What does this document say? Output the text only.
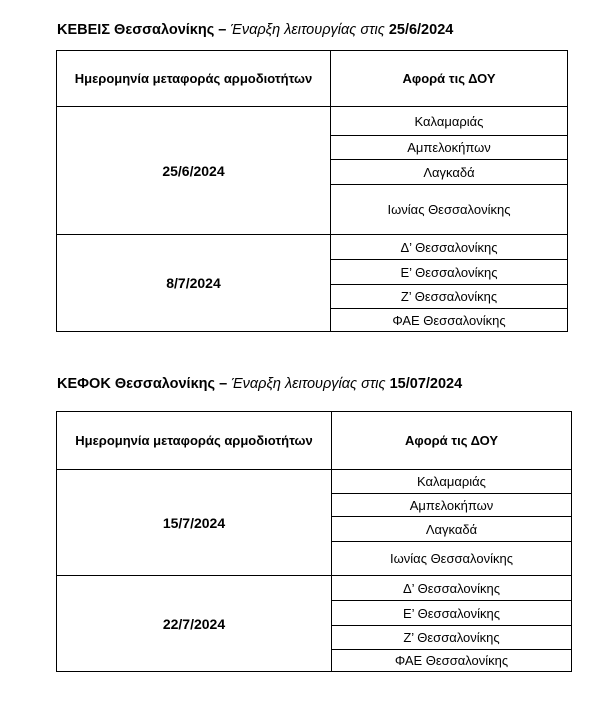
ΚΕΒΕΙΣ Θεσσαλονίκης – Έναρξη λειτουργίας στις 25/6/2024
Ημερομηνία μεταφοράς αρμοδιοτήτων	Αφορά τις ΔΟΥ
25/6/2024	Καλαμαριάς
	Αμπελοκήπων
	Λαγκαδά
	Ιωνίας Θεσσαλονίκης
8/7/2024	Δ’ Θεσσαλονίκης
	Ε’ Θεσσαλονίκης
	Ζ’ Θεσσαλονίκης
	ΦΑΕ Θεσσαλονίκης
ΚΕΦΟΚ Θεσσαλονίκης – Έναρξη λειτουργίας στις 15/07/2024
Ημερομηνία μεταφοράς αρμοδιοτήτων	Αφορά τις ΔΟΥ
15/7/2024	Καλαμαριάς
	Αμπελοκήπων
	Λαγκαδά
	Ιωνίας Θεσσαλονίκης
22/7/2024	Δ’ Θεσσαλονίκης
	Ε’ Θεσσαλονίκης
	Ζ’ Θεσσαλονίκης
	ΦΑΕ Θεσσαλονίκης
